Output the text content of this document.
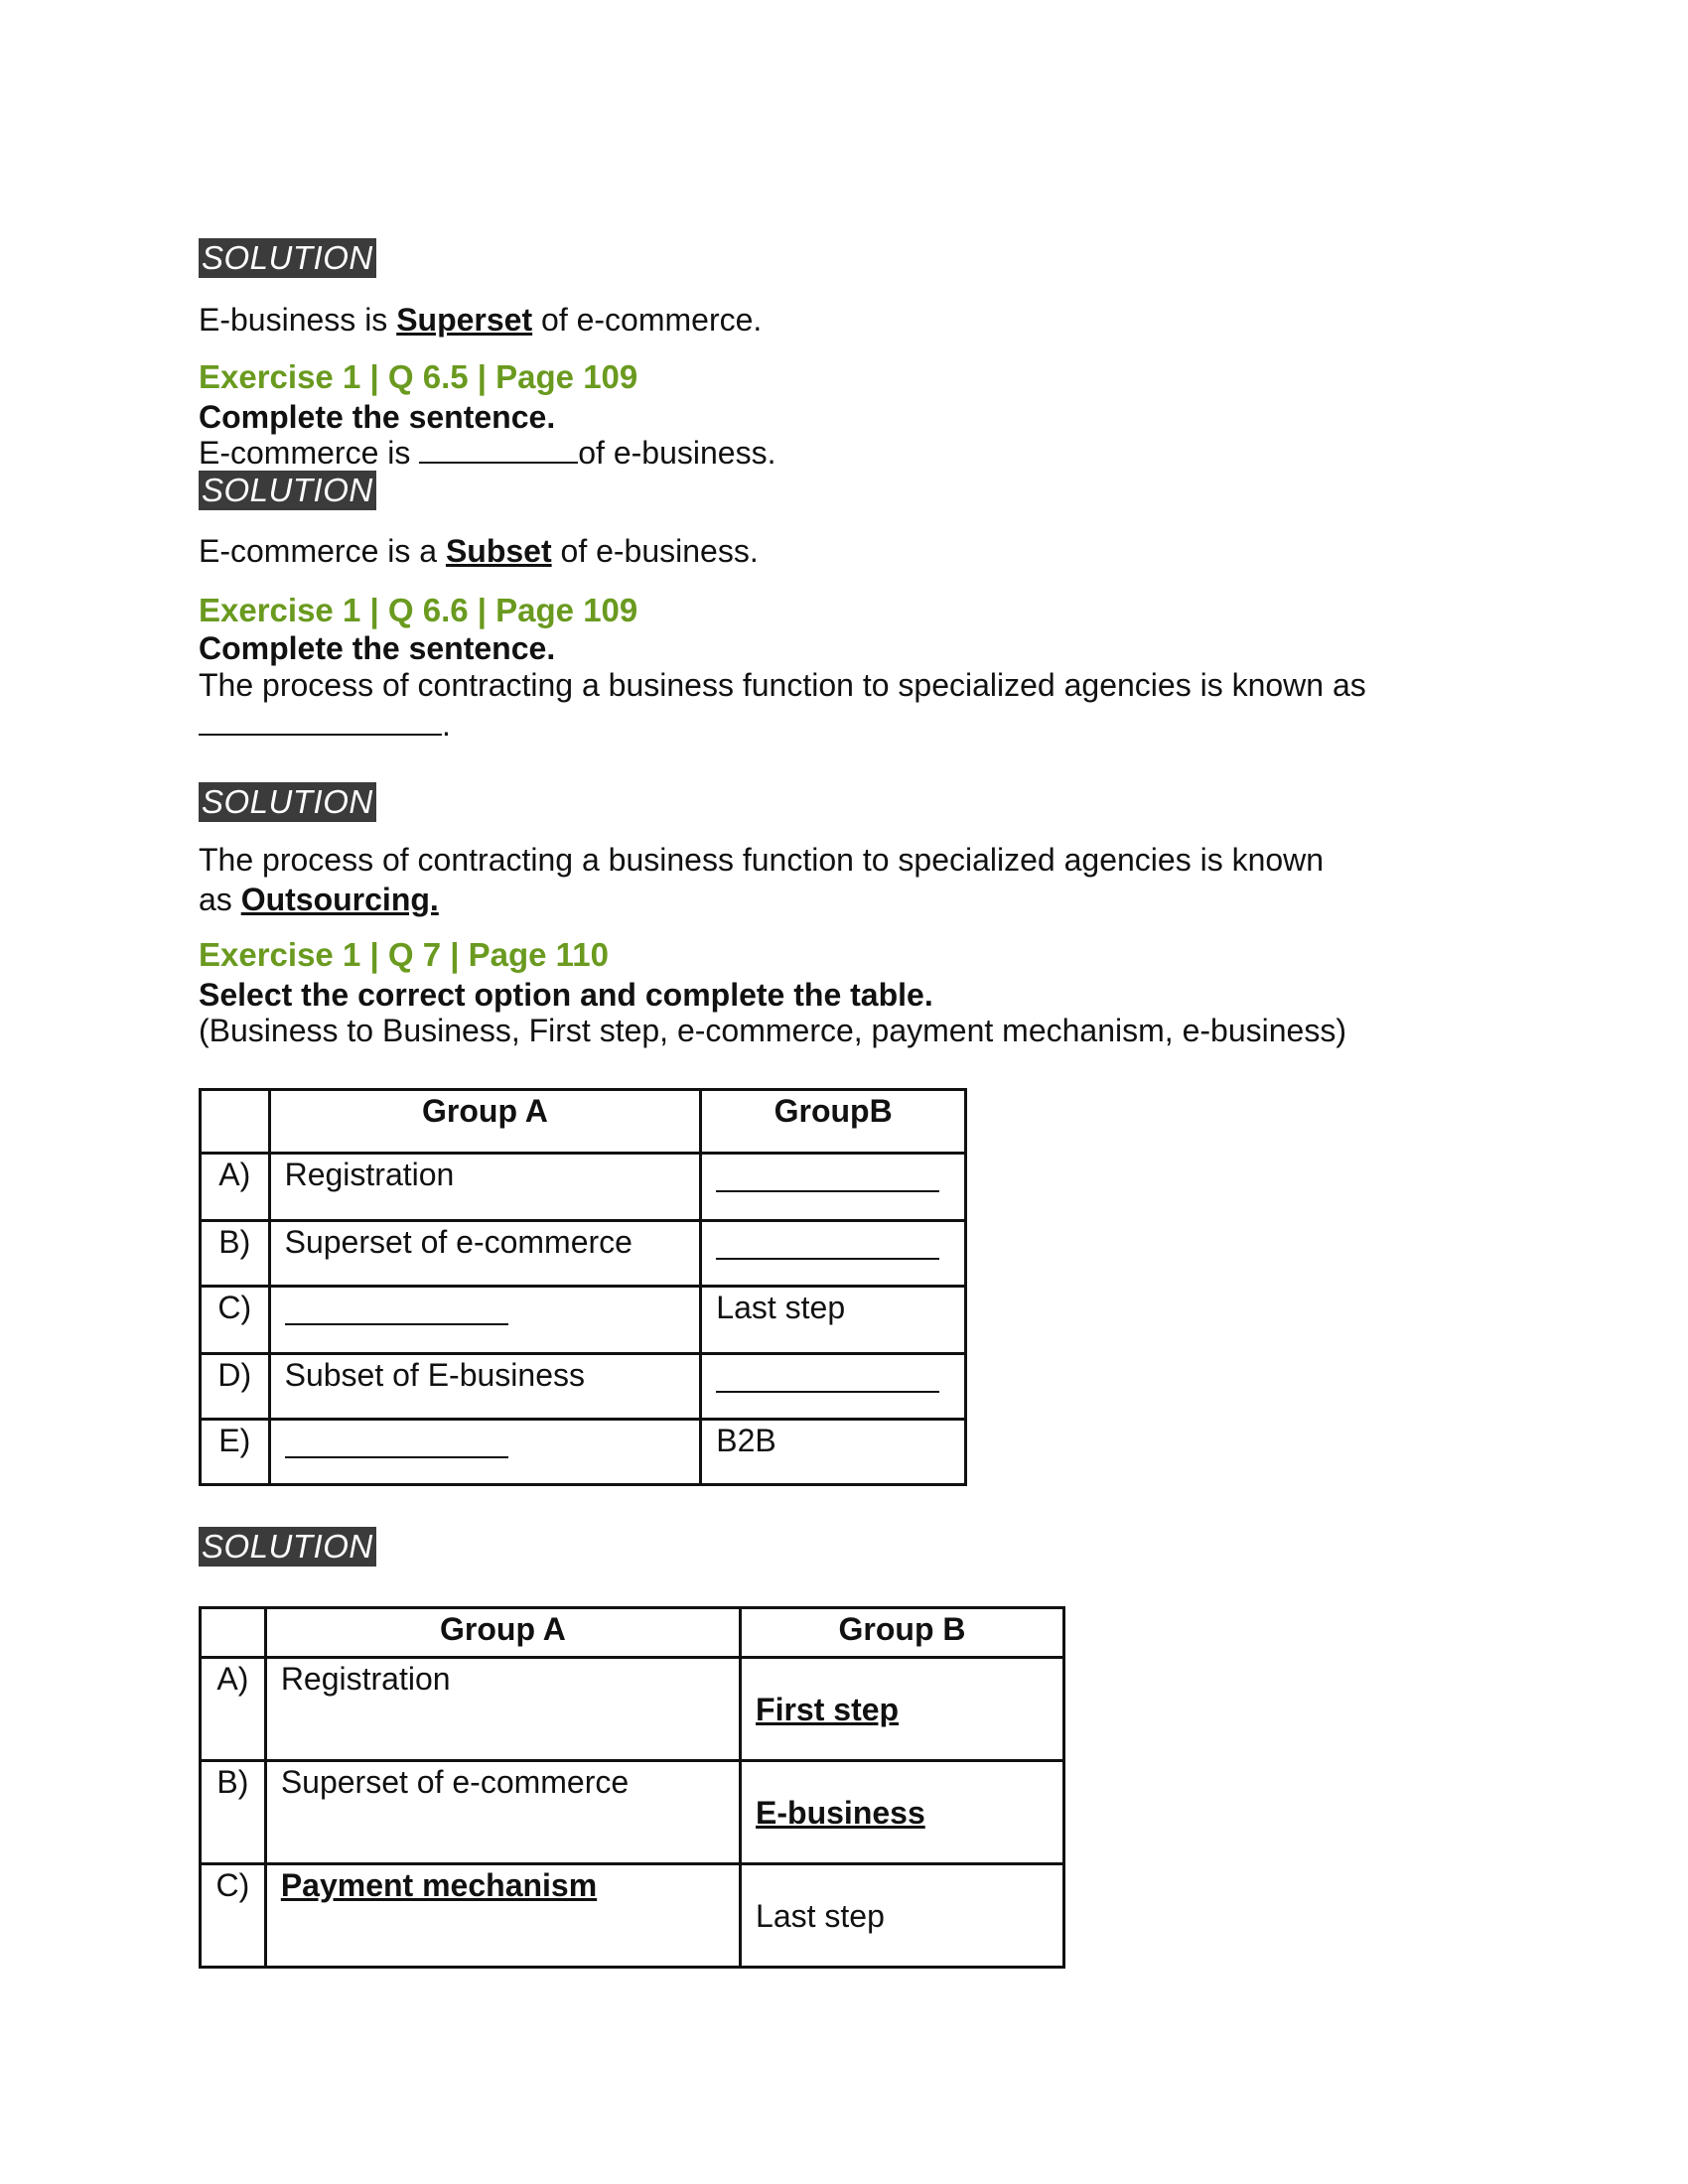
SOLUTION
E-business is Superset of e-commerce.
Exercise 1 | Q 6.5 | Page 109
Complete the sentence.
E-commerce is	of e-business.
SOLUTION
E-commerce is a Subset of e-business.
Exercise 1 | Q 6.6 | Page 109
Complete the sentence.
The process of contracting a business function to specialized agencies is known as
.
SOLUTION
The process of contracting a business function to specialized agencies is known
as Outsourcing.
Exercise 1 | Q 7 | Page 110
Select the correct option and complete the table.
(Business to Business, First step, e-commerce, payment mechanism, e-business)
	Group A	GroupB
A)	Registration	
B)	Superset of e-commerce	
C)		Last step
D)	Subset of E-business	
E)		B2B
SOLUTION
	Group A	Group B
A)	Registration	First step
B)	Superset of e-commerce	E-business
C)	Payment mechanism	Last step
